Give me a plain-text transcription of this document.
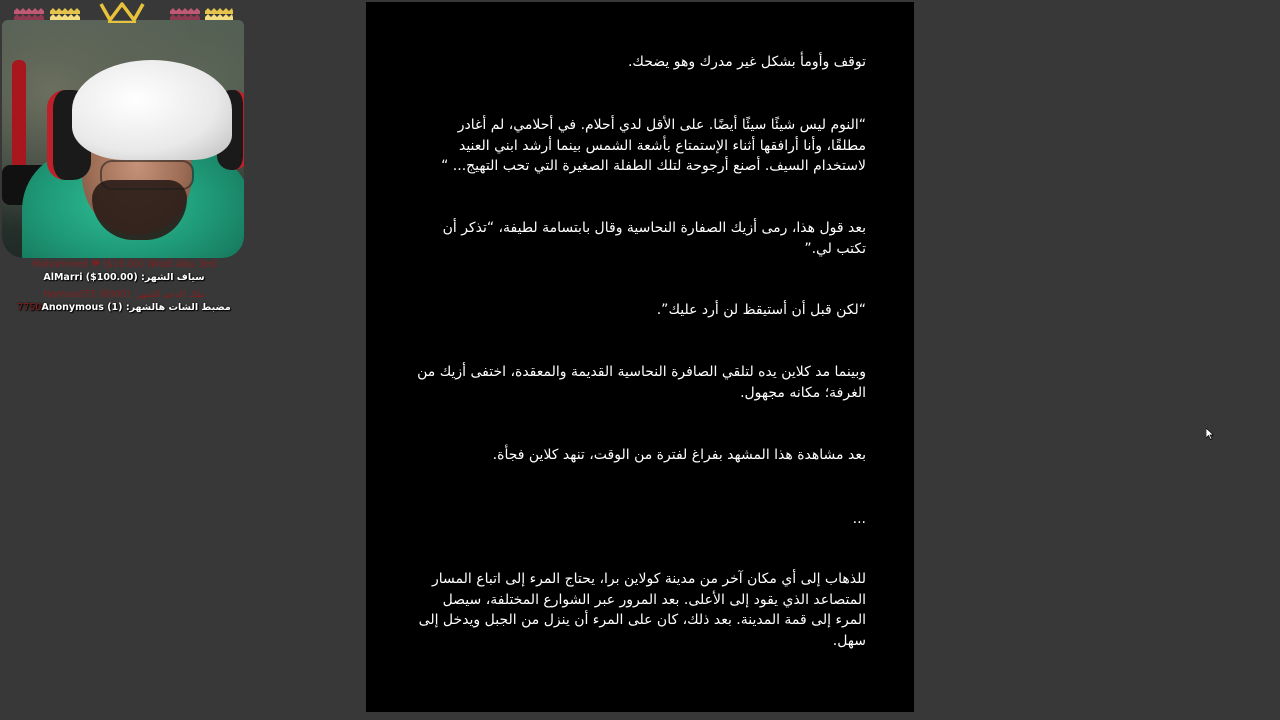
Mohammed ♥ ($10.00) Wlodi Abu 3ed
AlMarri ($100.00) :سياف الشهر
Hamuud73 (6000) :ملك الدعم الشهر
7750Anonymous (1) :مضبط الشات هالشهر
توقف وأومأ بشكل غير مدرك وهو يضحك.
“النوم ليس شيئًا سيئًا أيضًا. على الأقل لدي أحلام. في أحلامي، لم أغادر مطلقًا، وأنا أرافقها أثناء الإستمتاع بأشعة الشمس بينما أرشد ابني العنيد لاستخدام السيف. أصنع أرجوحة لتلك الطفلة الصغيرة التي تحب التهيج... “
بعد قول هذا، رمى أزيك الصفارة النحاسية وقال بابتسامة لطيفة، “تذكر أن تكتب لي.”
“لكن قبل أن أستيقظ لن أرد عليك”.
وبينما مد كلاين يده لتلقي الصافرة النحاسية القديمة والمعقدة، اختفى أزيك من الغرفة؛ مكانه مجهول.
بعد مشاهدة هذا المشهد بفراغ لفترة من الوقت، تنهد كلاين فجأة.
...
للذهاب إلى أي مكان آخر من مدينة كولاين برا، يحتاج المرء إلى اتباع المسار المتصاعد الذي يقود إلى الأعلى. بعد المرور عبر الشوارع المختلفة، سيصل المرء إلى قمة المدينة. بعد ذلك، كان على المرء أن ينزل من الجبل ويدخل إلى سهل.
